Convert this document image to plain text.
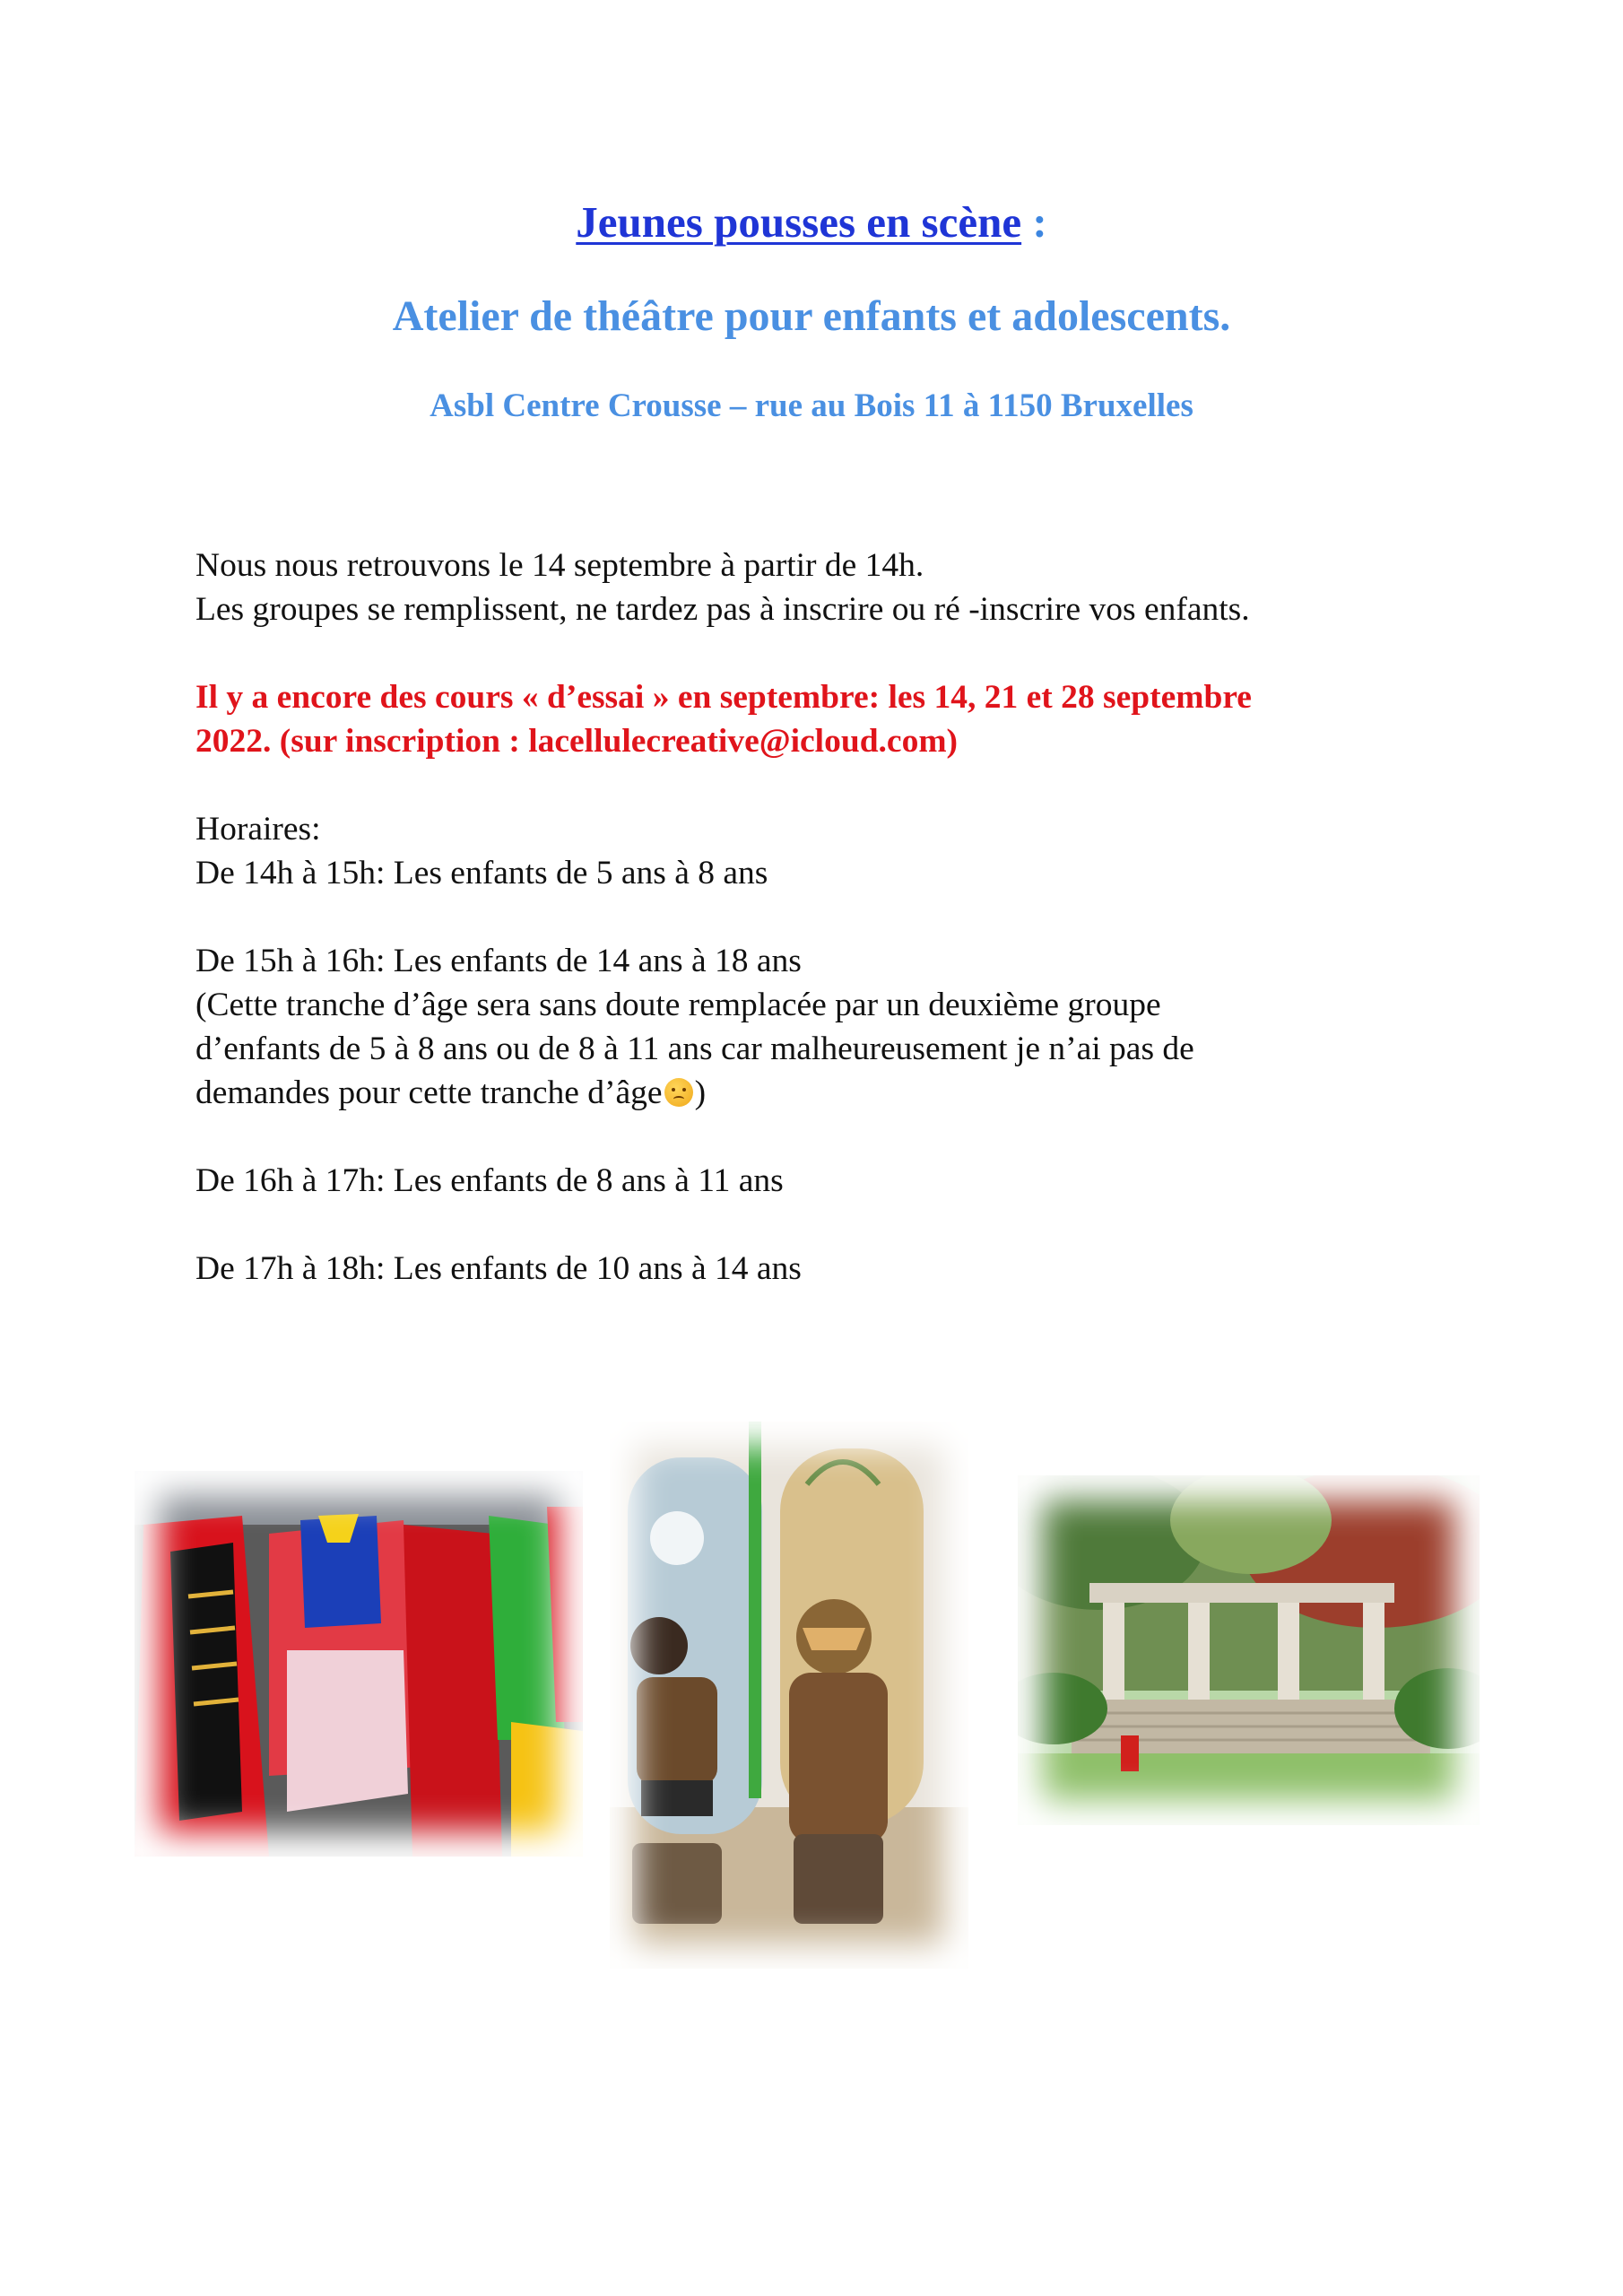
Jeunes pousses en scène :
Atelier de théâtre pour enfants et adolescents.
Asbl Centre Crousse – rue au Bois 11 à 1150 Bruxelles

Nous nous retrouvons le 14 septembre à partir de 14h.

Les groupes se remplissent, ne tardez pas à inscrire ou ré -inscrire vos enfants.

Il y a encore des cours « d’essai » en septembre: les 14, 21 et 28 septembre

2022. (sur inscription : lacellulecreative@icloud.com)

Horaires:

De 14h à 15h: Les enfants de 5 ans à 8 ans

De 15h à 16h: Les enfants de 14 ans à 18 ans

(Cette tranche d’âge sera sans doute remplacée par un deuxième groupe

d’enfants de 5 à 8 ans ou de 8 à 11 ans car malheureusement je n’ai pas de

demandes pour cette tranche d’âge )

De 16h à 17h: Les enfants de 8 ans à 11 ans

De 17h à 18h: Les enfants de 10 ans à 14 ans
